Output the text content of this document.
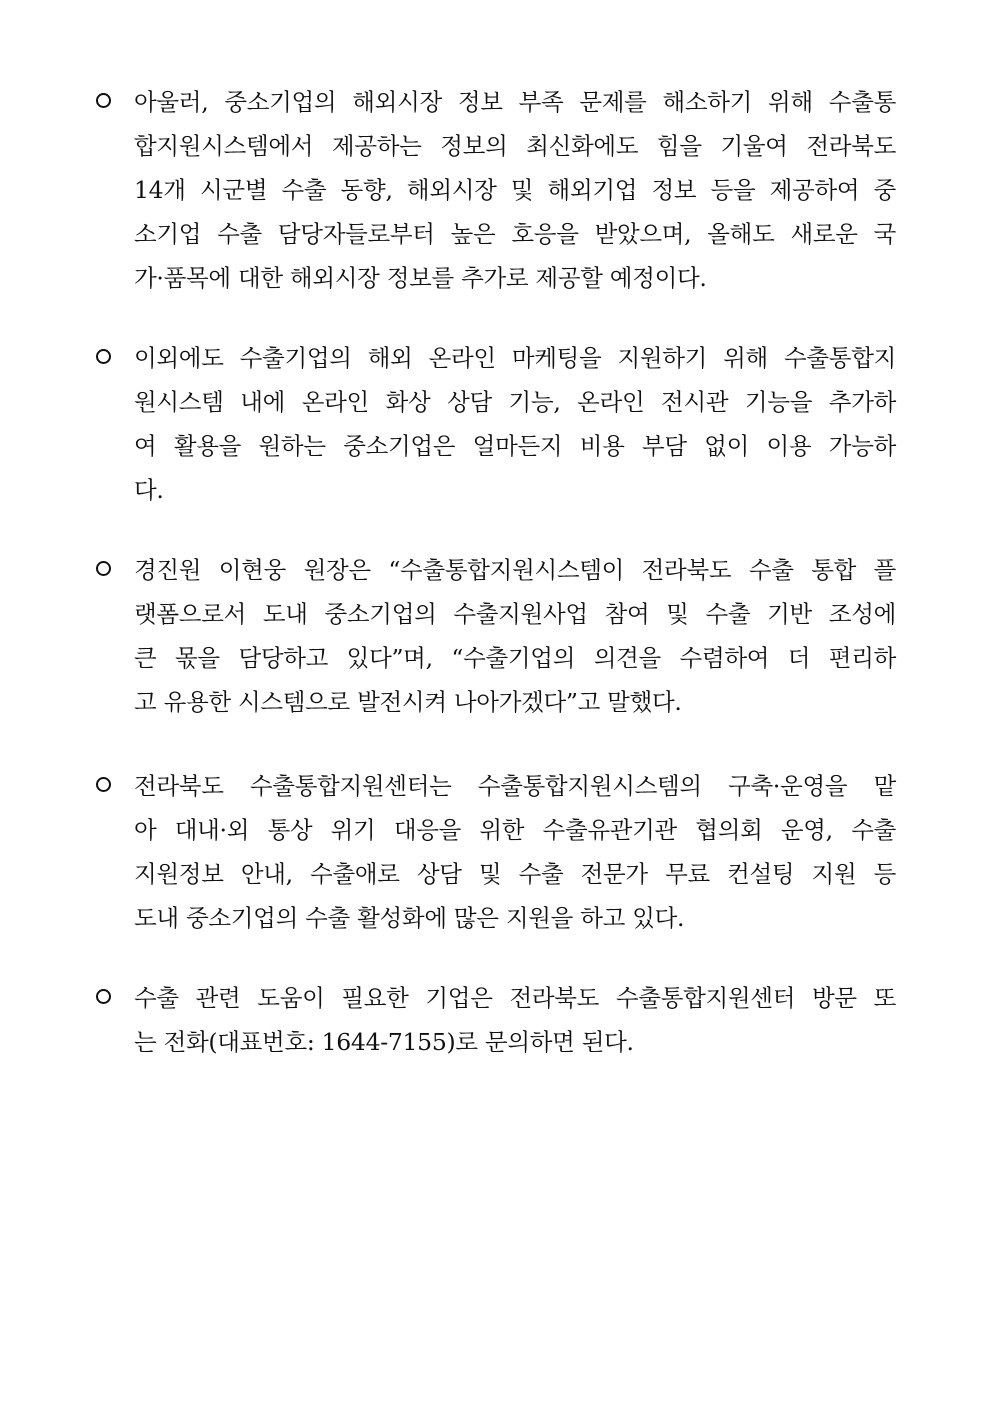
아울러, 중소기업의 해외시장 정보 부족 문제를 해소하기 위해 수출통
합지원시스템에서 제공하는 정보의 최신화에도 힘을 기울여 전라북도
14개 시군별 수출 동향, 해외시장 및 해외기업 정보 등을 제공하여 중
소기업 수출 담당자들로부터 높은 호응을 받았으며, 올해도 새로운 국
가·품목에 대한 해외시장 정보를 추가로 제공할 예정이다.
이외에도 수출기업의 해외 온라인 마케팅을 지원하기 위해 수출통합지
원시스템 내에 온라인 화상 상담 기능, 온라인 전시관 기능을 추가하
여 활용을 원하는 중소기업은 얼마든지 비용 부담 없이 이용 가능하
다.
경진원 이현웅 원장은 “수출통합지원시스템이 전라북도 수출 통합 플
랫폼으로서 도내 중소기업의 수출지원사업 참여 및 수출 기반 조성에
큰 몫을 담당하고 있다”며, “수출기업의 의견을 수렴하여 더 편리하
고 유용한 시스템으로 발전시켜 나아가겠다”고 말했다.
전라북도 수출통합지원센터는 수출통합지원시스템의 구축·운영을 맡
아 대내·외 통상 위기 대응을 위한 수출유관기관 협의회 운영, 수출
지원정보 안내, 수출애로 상담 및 수출 전문가 무료 컨설팅 지원 등
도내 중소기업의 수출 활성화에 많은 지원을 하고 있다.
수출 관련 도움이 필요한 기업은 전라북도 수출통합지원센터 방문 또
는 전화(대표번호: 1644-7155)로 문의하면 된다.
